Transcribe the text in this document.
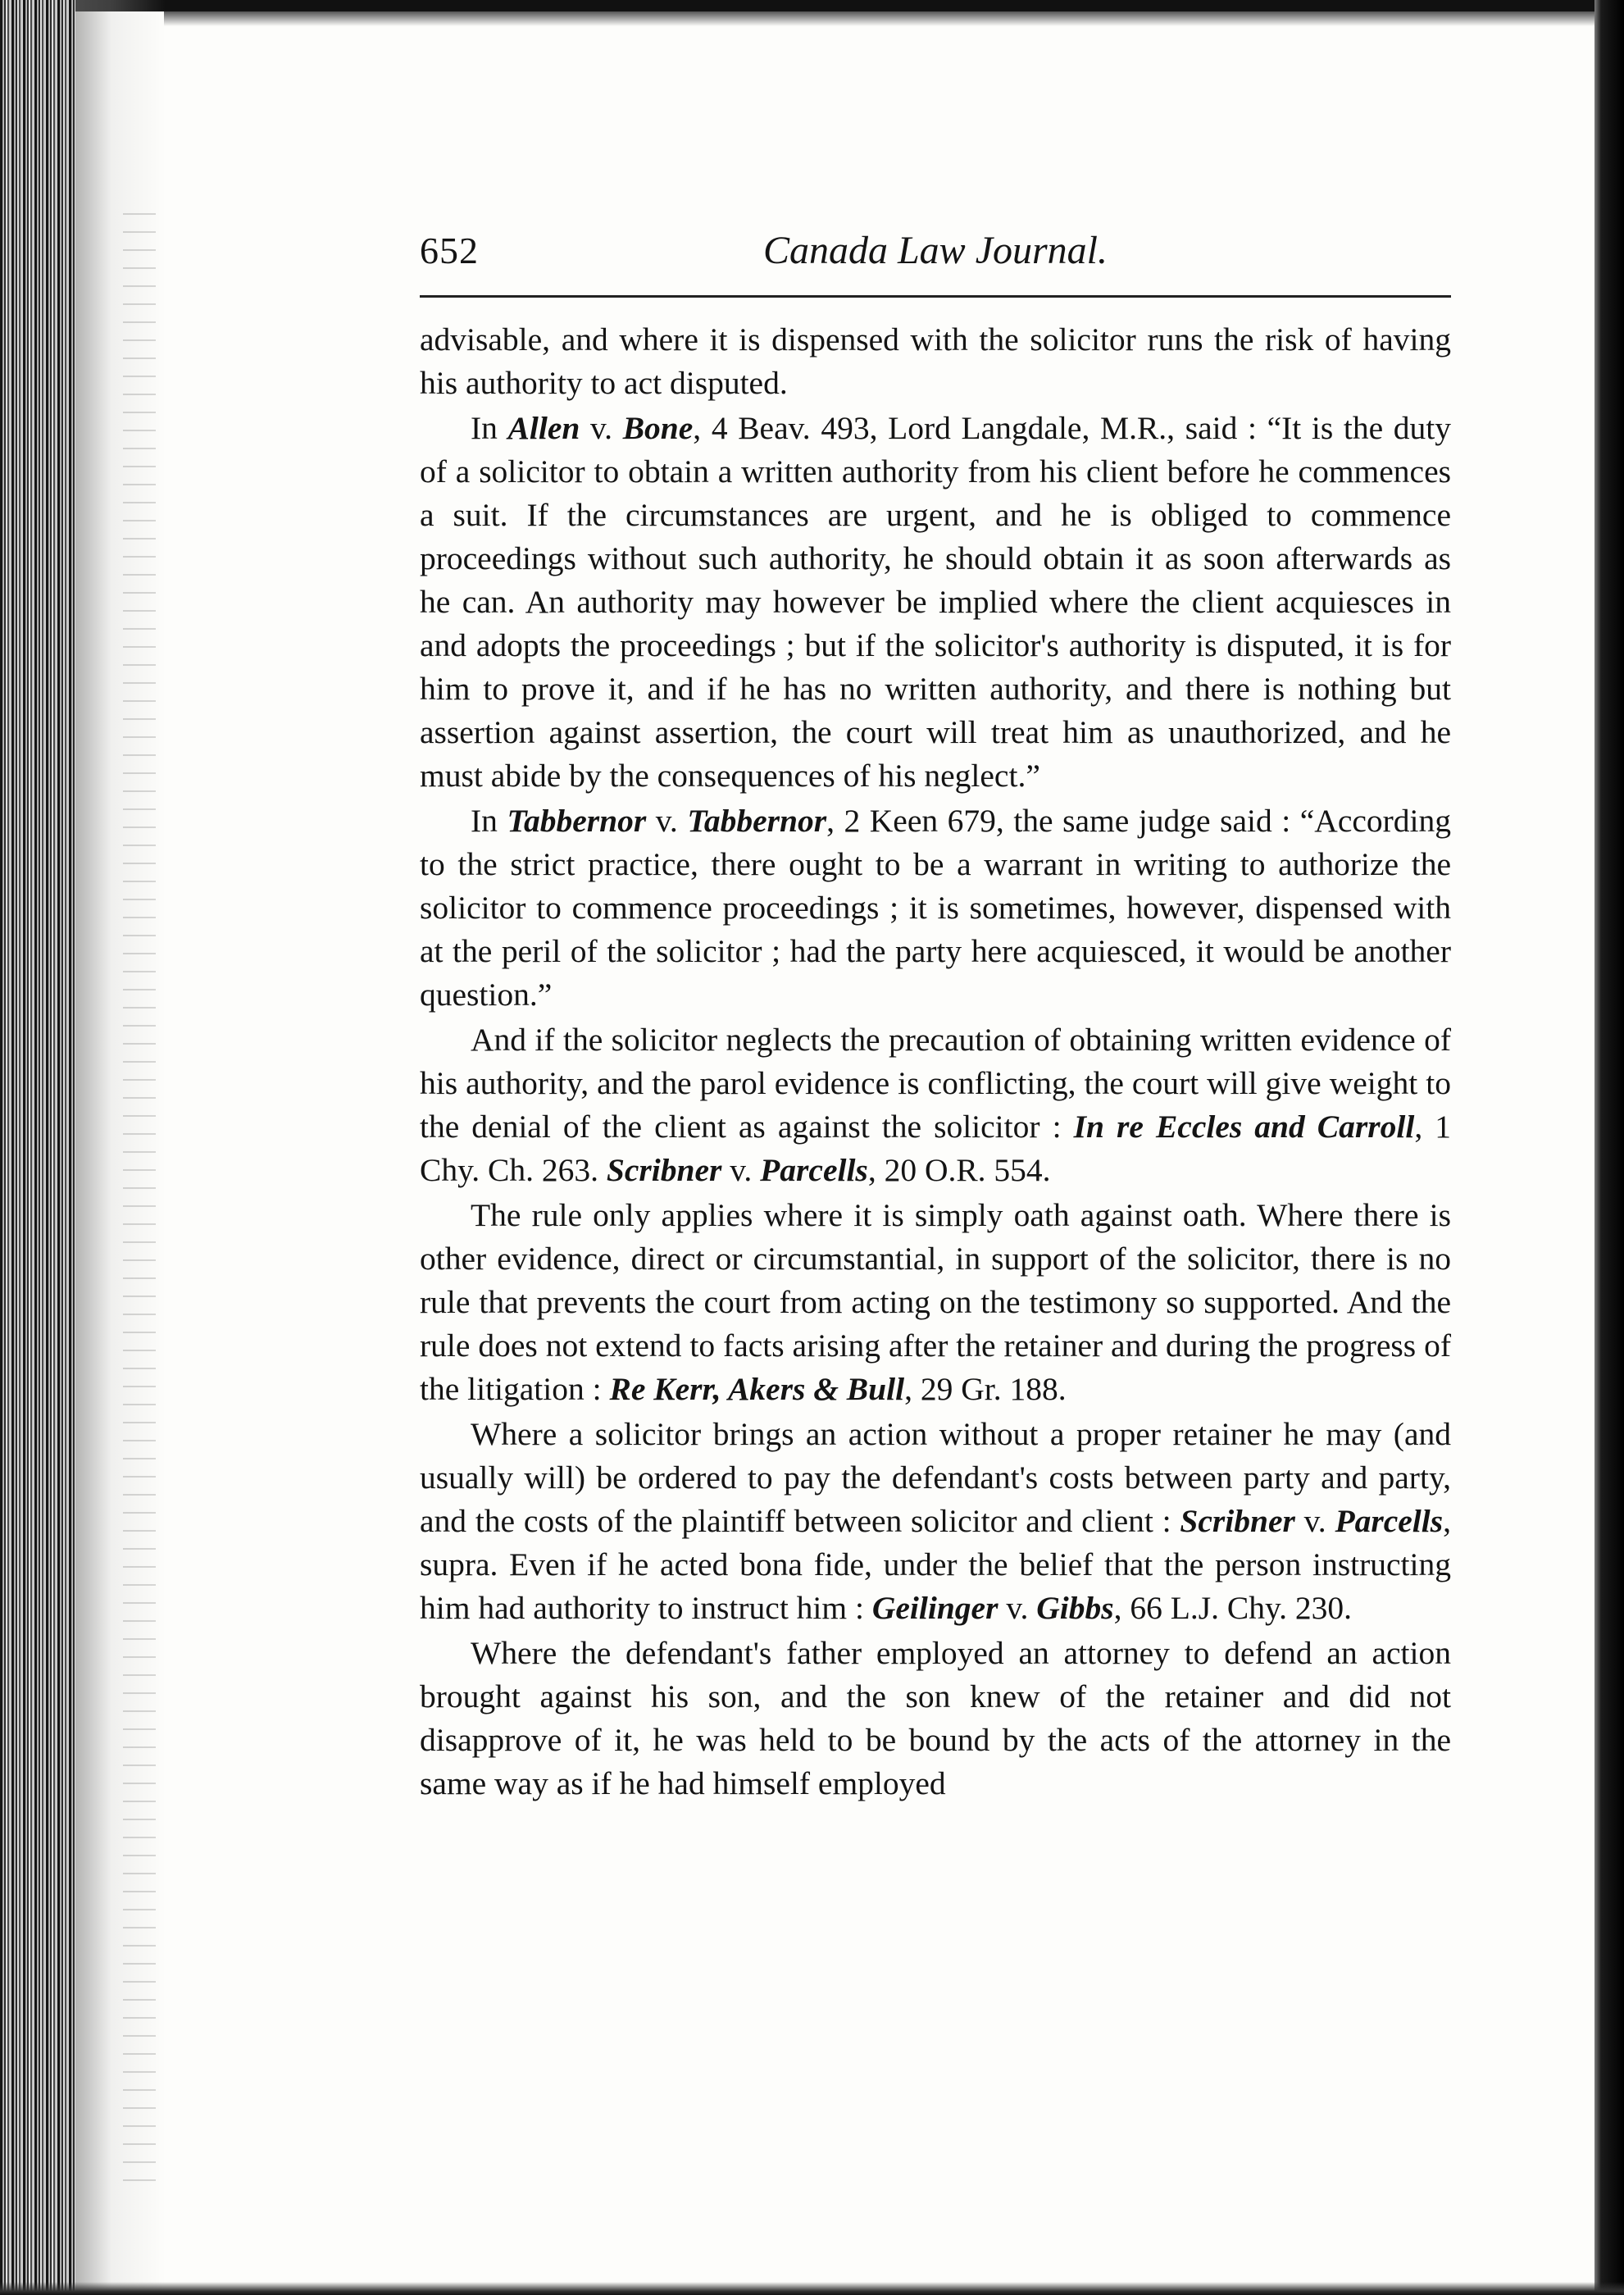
652	Canada Law Journal.

advisable, and where it is dispensed with the solicitor runs the risk of having his authority to act disputed.

In Allen v. Bone, 4 Beav. 493, Lord Langdale, M.R., said : “It is the duty of a solicitor to obtain a written authority from his client before he commences a suit. If the circumstances are urgent, and he is obliged to commence proceedings without such authority, he should obtain it as soon afterwards as he can. An authority may however be implied where the client acquiesces in and adopts the proceedings ; but if the solicitor's authority is disputed, it is for him to prove it, and if he has no written authority, and there is nothing but assertion against assertion, the court will treat him as unauthorized, and he must abide by the consequences of his neglect.”

In Tabbernor v. Tabbernor, 2 Keen 679, the same judge said : “According to the strict practice, there ought to be a warrant in writing to authorize the solicitor to commence proceedings ; it is sometimes, however, dispensed with at the peril of the solicitor ; had the party here acquiesced, it would be another question.”

And if the solicitor neglects the precaution of obtaining written evidence of his authority, and the parol evidence is conflicting, the court will give weight to the denial of the client as against the solicitor : In re Eccles and Carroll, 1 Chy. Ch. 263. Scribner v. Parcells, 20 O.R. 554.

The rule only applies where it is simply oath against oath. Where there is other evidence, direct or circumstantial, in support of the solicitor, there is no rule that prevents the court from acting on the testimony so supported. And the rule does not extend to facts arising after the retainer and during the progress of the litigation : Re Kerr, Akers & Bull, 29 Gr. 188.

Where a solicitor brings an action without a proper retainer he may (and usually will) be ordered to pay the defendant's costs between party and party, and the costs of the plaintiff between solicitor and client : Scribner v. Parcells, supra. Even if he acted bona fide, under the belief that the person instructing him had authority to instruct him : Geilinger v. Gibbs, 66 L.J. Chy. 230.

Where the defendant's father employed an attorney to defend an action brought against his son, and the son knew of the retainer and did not disapprove of it, he was held to be bound by the acts of the attorney in the same way as if he had himself employed
